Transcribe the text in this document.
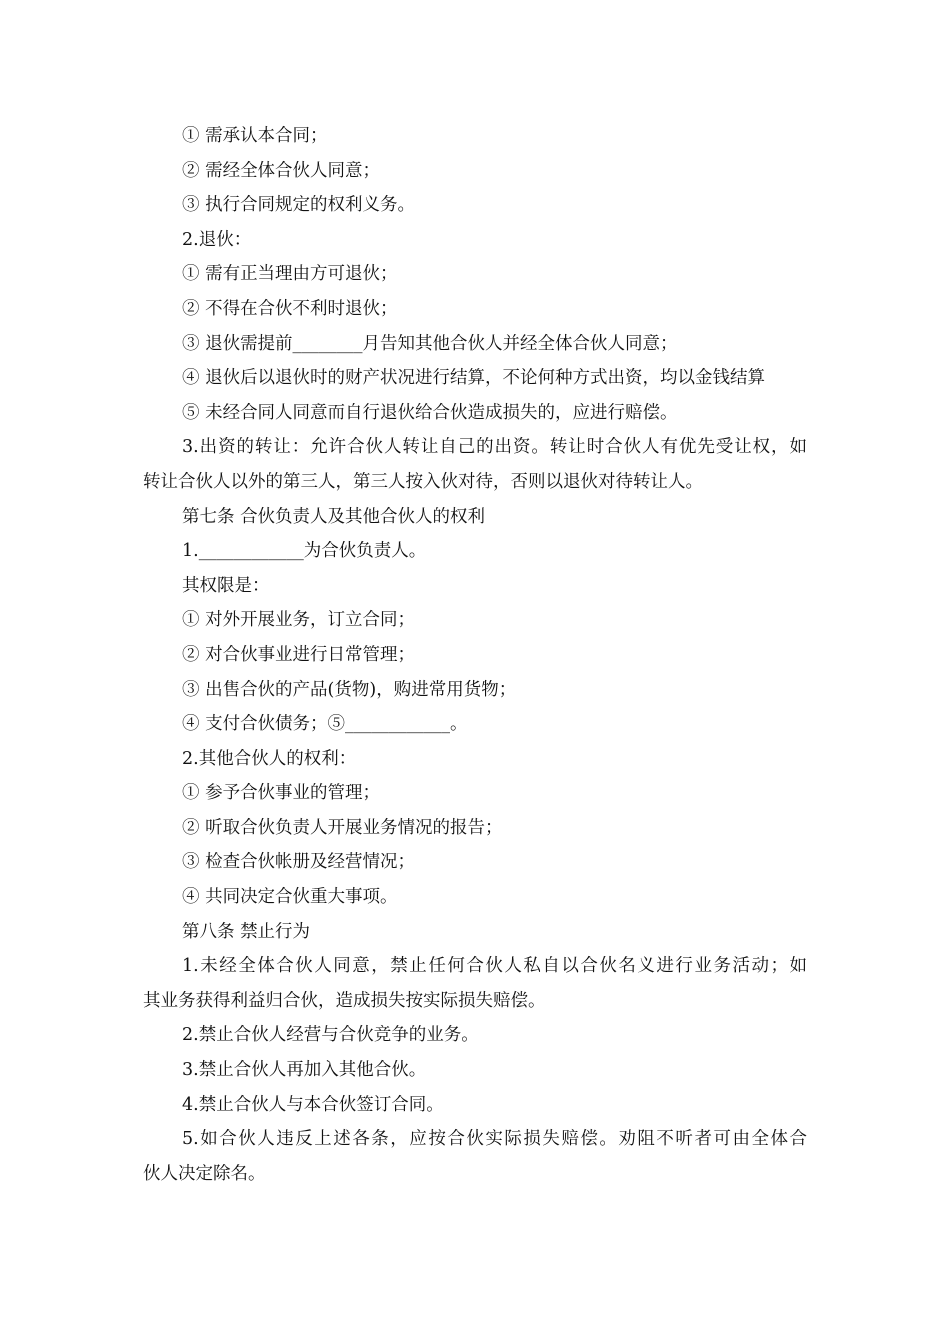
① 需承认本合同；
② 需经全体合伙人同意；
③ 执行合同规定的权利义务。
2.退伙：
① 需有正当理由方可退伙；
② 不得在合伙不利时退伙；
③ 退伙需提前________月告知其他合伙人并经全体合伙人同意；
④ 退伙后以退伙时的财产状况进行结算，不论何种方式出资，均以金钱结算
⑤ 未经合同人同意而自行退伙给合伙造成损失的，应进行赔偿。
3.出资的转让：允许合伙人转让自己的出资。转让时合伙人有优先受让权，如
转让合伙人以外的第三人，第三人按入伙对待，否则以退伙对待转让人。
第七条 合伙负责人及其他合伙人的权利
1.____________为合伙负责人。
其权限是：
① 对外开展业务，订立合同；
② 对合伙事业进行日常管理；
③ 出售合伙的产品(货物)，购进常用货物；
④ 支付合伙债务；⑤____________。
2.其他合伙人的权利：
① 参予合伙事业的管理；
② 听取合伙负责人开展业务情况的报告；
③ 检查合伙帐册及经营情况；
④ 共同决定合伙重大事项。
第八条 禁止行为
1.未经全体合伙人同意，禁止任何合伙人私自以合伙名义进行业务活动；如
其业务获得利益归合伙，造成损失按实际损失赔偿。
2.禁止合伙人经营与合伙竞争的业务。
3.禁止合伙人再加入其他合伙。
4.禁止合伙人与本合伙签订合同。
5.如合伙人违反上述各条，应按合伙实际损失赔偿。劝阻不听者可由全体合
伙人决定除名。
